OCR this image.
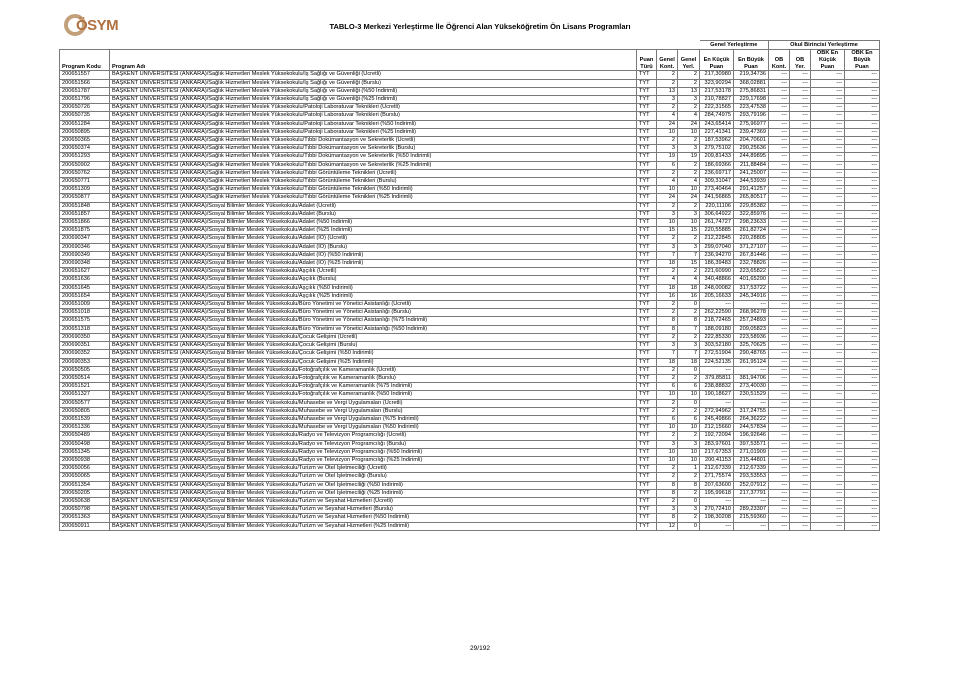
ÖSYM	TABLO-3 Merkezi Yerleştirme İle Öğrenci Alan Yükseköğretim Ön Lisans Programları
					Genel Yerleştirme		Okul Birincisi Yerleştirme			
Program Kodu	Program Adı	Puan Türü	Genel Kont.	Genel Yerl.	En Küçük Puan	En Büyük Puan	OB Kont.	OB Yer.	OBK En Küçük Puan	OBK En Büyük Puan
200651557	BAŞKENT ÜNİVERSİTESİ (ANKARA)/Sağlık Hizmetleri Meslek Yüksekokulu/İş Sağlığı ve Güvenliği (Ücretli)	TYT	2	2	217,30980	219,34736	---	---	---	---
200651566	BAŞKENT ÜNİVERSİTESİ (ANKARA)/Sağlık Hizmetleri Meslek Yüksekokulu/İş Sağlığı ve Güvenliği (Burslu)	TYT	2	2	323,90294	368,02881	---	---	---	---
200651787	BAŞKENT ÜNİVERSİTESİ (ANKARA)/Sağlık Hizmetleri Meslek Yüksekokulu/İş Sağlığı ve Güvenliği (%50 İndirimli)	TYT	13	13	217,53178	275,86831	---	---	---	---
200651796	BAŞKENT ÜNİVERSİTESİ (ANKARA)/Sağlık Hizmetleri Meslek Yüksekokulu/İş Sağlığı ve Güvenliği (%25 İndirimli)	TYT	3	3	210,78827	229,17698	---	---	---	---
200650726	BAŞKENT ÜNİVERSİTESİ (ANKARA)/Sağlık Hizmetleri Meslek Yüksekokulu/Patoloji Laboratuvar Teknikleri (Ücretli)	TYT	2	2	222,31565	223,47538	---	---	---	---
200650735	BAŞKENT ÜNİVERSİTESİ (ANKARA)/Sağlık Hizmetleri Meslek Yüksekokulu/Patoloji Laboratuvar Teknikleri (Burslu)	TYT	4	4	284,74975	293,79196	---	---	---	---
200651284	BAŞKENT ÜNİVERSİTESİ (ANKARA)/Sağlık Hizmetleri Meslek Yüksekokulu/Patoloji Laboratuvar Teknikleri (%50 İndirimli)	TYT	24	24	243,65414	275,96977	---	---	---	---
200650895	BAŞKENT ÜNİVERSİTESİ (ANKARA)/Sağlık Hizmetleri Meslek Yüksekokulu/Patoloji Laboratuvar Teknikleri (%25 İndirimli)	TYT	10	10	227,41341	239,47369	---	---	---	---
200650365	BAŞKENT ÜNİVERSİTESİ (ANKARA)/Sağlık Hizmetleri Meslek Yüksekokulu/Tıbbi Dokümantasyon ve Sekreterlik (Ücretli)	TYT	2	2	187,53962	204,70601	---	---	---	---
200650374	BAŞKENT ÜNİVERSİTESİ (ANKARA)/Sağlık Hizmetleri Meslek Yüksekokulu/Tıbbi Dokümantasyon ve Sekreterlik (Burslu)	TYT	3	3	279,75102	290,25636	---	---	---	---
200651293	BAŞKENT ÜNİVERSİTESİ (ANKARA)/Sağlık Hizmetleri Meslek Yüksekokulu/Tıbbi Dokümantasyon ve Sekreterlik (%50 İndirimli)	TYT	19	19	209,81433	244,89895	---	---	---	---
200650902	BAŞKENT ÜNİVERSİTESİ (ANKARA)/Sağlık Hizmetleri Meslek Yüksekokulu/Tıbbi Dokümantasyon ve Sekreterlik (%25 İndirimli)	TYT	6	2	186,69366	211,88484	---	---	---	---
200650762	BAŞKENT ÜNİVERSİTESİ (ANKARA)/Sağlık Hizmetleri Meslek Yüksekokulu/Tıbbi Görüntüleme Teknikleri (Ücretli)	TYT	2	2	236,69717	241,25007	---	---	---	---
200650771	BAŞKENT ÜNİVERSİTESİ (ANKARA)/Sağlık Hizmetleri Meslek Yüksekokulu/Tıbbi Görüntüleme Teknikleri (Burslu)	TYT	4	4	309,31047	344,53939	---	---	---	---
200651309	BAŞKENT ÜNİVERSİTESİ (ANKARA)/Sağlık Hizmetleri Meslek Yüksekokulu/Tıbbi Görüntüleme Teknikleri (%50 İndirimli)	TYT	10	10	273,40464	291,41257	---	---	---	---
200650877	BAŞKENT ÜNİVERSİTESİ (ANKARA)/Sağlık Hizmetleri Meslek Yüksekokulu/Tıbbi Görüntüleme Teknikleri (%25 İndirimli)	TYT	24	24	241,56865	265,80517	---	---	---	---
200651848	BAŞKENT ÜNİVERSİTESİ (ANKARA)/Sosyal Bilimler Meslek Yüksekokulu/Adalet (Ücretli)	TYT	2	2	220,11106	229,85382	---	---	---	---
200651857	BAŞKENT ÜNİVERSİTESİ (ANKARA)/Sosyal Bilimler Meslek Yüksekokulu/Adalet (Burslu)	TYT	3	3	306,64922	322,85976	---	---	---	---
200651866	BAŞKENT ÜNİVERSİTESİ (ANKARA)/Sosyal Bilimler Meslek Yüksekokulu/Adalet (%50 İndirimli)	TYT	10	10	261,74727	298,23633	---	---	---	---
200651875	BAŞKENT ÜNİVERSİTESİ (ANKARA)/Sosyal Bilimler Meslek Yüksekokulu/Adalet (%25 İndirimli)	TYT	15	15	220,55885	261,82724	---	---	---	---
200690347	BAŞKENT ÜNİVERSİTESİ (ANKARA)/Sosyal Bilimler Meslek Yüksekokulu/Adalet (İÖ) (Ücretli)	TYT	2	2	212,22845	220,28805	---	---	---	---
200690346	BAŞKENT ÜNİVERSİTESİ (ANKARA)/Sosyal Bilimler Meslek Yüksekokulu/Adalet (İÖ) (Burslu)	TYT	3	3	299,07040	371,27107	---	---	---	---
200690349	BAŞKENT ÜNİVERSİTESİ (ANKARA)/Sosyal Bilimler Meslek Yüksekokulu/Adalet (İÖ) (%50 İndirimli)	TYT	7	7	236,94270	267,81446	---	---	---	---
200690348	BAŞKENT ÜNİVERSİTESİ (ANKARA)/Sosyal Bilimler Meslek Yüksekokulu/Adalet (İÖ) (%25 İndirimli)	TYT	18	15	186,39483	232,78826	---	---	---	---
200651627	BAŞKENT ÜNİVERSİTESİ (ANKARA)/Sosyal Bilimler Meslek Yüksekokulu/Aşçılık (Ücretli)	TYT	2	2	221,60990	223,65822	---	---	---	---
200651636	BAŞKENT ÜNİVERSİTESİ (ANKARA)/Sosyal Bilimler Meslek Yüksekokulu/Aşçılık (Burslu)	TYT	4	4	340,48866	401,65290	---	---	---	---
200651645	BAŞKENT ÜNİVERSİTESİ (ANKARA)/Sosyal Bilimler Meslek Yüksekokulu/Aşçılık (%50 İndirimli)	TYT	18	18	248,00082	317,53722	---	---	---	---
200651654	BAŞKENT ÜNİVERSİTESİ (ANKARA)/Sosyal Bilimler Meslek Yüksekokulu/Aşçılık (%25 İndirimli)	TYT	16	16	205,16633	245,34916	---	---	---	---
200651009	BAŞKENT ÜNİVERSİTESİ (ANKARA)/Sosyal Bilimler Meslek Yüksekokulu/Büro Yönetimi ve Yönetici Asistanlığı (Ücretli)	TYT	2	0	---	---	---	---	---	---
200651018	BAŞKENT ÜNİVERSİTESİ (ANKARA)/Sosyal Bilimler Meslek Yüksekokulu/Büro Yönetimi ve Yönetici Asistanlığı (Burslu)	TYT	2	2	262,22590	268,96278	---	---	---	---
200651575	BAŞKENT ÜNİVERSİTESİ (ANKARA)/Sosyal Bilimler Meslek Yüksekokulu/Büro Yönetimi ve Yönetici Asistanlığı (%75 İndirimli)	TYT	8	8	218,72465	257,24893	---	---	---	---
200651318	BAŞKENT ÜNİVERSİTESİ (ANKARA)/Sosyal Bilimler Meslek Yüksekokulu/Büro Yönetimi ve Yönetici Asistanlığı (%50 İndirimli)	TYT	8	7	188,09180	209,05823	---	---	---	---
200690350	BAŞKENT ÜNİVERSİTESİ (ANKARA)/Sosyal Bilimler Meslek Yüksekokulu/Çocuk Gelişimi (Ücretli)	TYT	2	2	222,85330	223,58936	---	---	---	---
200690351	BAŞKENT ÜNİVERSİTESİ (ANKARA)/Sosyal Bilimler Meslek Yüksekokulu/Çocuk Gelişimi (Burslu)	TYT	3	3	303,52180	325,70625	---	---	---	---
200690352	BAŞKENT ÜNİVERSİTESİ (ANKARA)/Sosyal Bilimler Meslek Yüksekokulu/Çocuk Gelişimi (%50 İndirimli)	TYT	7	7	272,51904	290,48765	---	---	---	---
200690353	BAŞKENT ÜNİVERSİTESİ (ANKARA)/Sosyal Bilimler Meslek Yüksekokulu/Çocuk Gelişimi (%25 İndirimli)	TYT	18	18	224,52135	261,95124	---	---	---	---
200650505	BAŞKENT ÜNİVERSİTESİ (ANKARA)/Sosyal Bilimler Meslek Yüksekokulu/Fotoğrafçılık ve Kameramanlık (Ücretli)	TYT	2	0	---	---	---	---	---	---
200650514	BAŞKENT ÜNİVERSİTESİ (ANKARA)/Sosyal Bilimler Meslek Yüksekokulu/Fotoğrafçılık ve Kameramanlık (Burslu)	TYT	2	2	379,85811	381,94706	---	---	---	---
200651521	BAŞKENT ÜNİVERSİTESİ (ANKARA)/Sosyal Bilimler Meslek Yüksekokulu/Fotoğrafçılık ve Kameramanlık (%75 İndirimli)	TYT	6	6	238,88832	273,40030	---	---	---	---
200651327	BAŞKENT ÜNİVERSİTESİ (ANKARA)/Sosyal Bilimler Meslek Yüksekokulu/Fotoğrafçılık ve Kameramanlık (%50 İndirimli)	TYT	10	10	190,18627	230,51529	---	---	---	---
200650577	BAŞKENT ÜNİVERSİTESİ (ANKARA)/Sosyal Bilimler Meslek Yüksekokulu/Muhasebe ve Vergi Uygulamaları (Ücretli)	TYT	2	0	---	---	---	---	---	---
200650805	BAŞKENT ÜNİVERSİTESİ (ANKARA)/Sosyal Bilimler Meslek Yüksekokulu/Muhasebe ve Vergi Uygulamaları (Burslu)	TYT	2	2	272,94962	317,24755	---	---	---	---
200651539	BAŞKENT ÜNİVERSİTESİ (ANKARA)/Sosyal Bilimler Meslek Yüksekokulu/Muhasebe ve Vergi Uygulamaları (%75 İndirimli)	TYT	6	6	245,49866	264,36222	---	---	---	---
200651336	BAŞKENT ÜNİVERSİTESİ (ANKARA)/Sosyal Bilimler Meslek Yüksekokulu/Muhasebe ve Vergi Uygulamaları (%50 İndirimli)	TYT	10	10	212,15660	244,57834	---	---	---	---
200650489	BAŞKENT ÜNİVERSİTESİ (ANKARA)/Sosyal Bilimler Meslek Yüksekokulu/Radyo ve Televizyon Programcılığı (Ücretli)	TYT	2	2	192,72094	196,92646	---	---	---	---
200650498	BAŞKENT ÜNİVERSİTESİ (ANKARA)/Sosyal Bilimler Meslek Yüksekokulu/Radyo ve Televizyon Programcılığı (Burslu)	TYT	3	3	283,97601	397,53571	---	---	---	---
200651345	BAŞKENT ÜNİVERSİTESİ (ANKARA)/Sosyal Bilimler Meslek Yüksekokulu/Radyo ve Televizyon Programcılığı (%50 İndirimli)	TYT	10	10	217,67353	271,01909	---	---	---	---
200650938	BAŞKENT ÜNİVERSİTESİ (ANKARA)/Sosyal Bilimler Meslek Yüksekokulu/Radyo ve Televizyon Programcılığı (%25 İndirimli)	TYT	10	10	200,41153	215,44801	---	---	---	---
200650056	BAŞKENT ÜNİVERSİTESİ (ANKARA)/Sosyal Bilimler Meslek Yüksekokulu/Turizm ve Otel İşletmeciliği (Ücretli)	TYT	2	1	212,67339	212,67339	---	---	---	---
200650065	BAŞKENT ÜNİVERSİTESİ (ANKARA)/Sosyal Bilimler Meslek Yüksekokulu/Turizm ve Otel İşletmeciliği (Burslu)	TYT	2	2	271,75574	293,53553	---	---	---	---
200651354	BAŞKENT ÜNİVERSİTESİ (ANKARA)/Sosyal Bilimler Meslek Yüksekokulu/Turizm ve Otel İşletmeciliği (%50 İndirimli)	TYT	8	8	207,63600	252,07912	---	---	---	---
200650205	BAŞKENT ÜNİVERSİTESİ (ANKARA)/Sosyal Bilimler Meslek Yüksekokulu/Turizm ve Otel İşletmeciliği (%25 İndirimli)	TYT	8	2	195,99618	217,37791	---	---	---	---
200650638	BAŞKENT ÜNİVERSİTESİ (ANKARA)/Sosyal Bilimler Meslek Yüksekokulu/Turizm ve Seyahat Hizmetleri (Ücretli)	TYT	2	0	---	---	---	---	---	---
200650798	BAŞKENT ÜNİVERSİTESİ (ANKARA)/Sosyal Bilimler Meslek Yüksekokulu/Turizm ve Seyahat Hizmetleri (Burslu)	TYT	3	3	270,72410	289,23307	---	---	---	---
200651363	BAŞKENT ÜNİVERSİTESİ (ANKARA)/Sosyal Bilimler Meslek Yüksekokulu/Turizm ve Seyahat Hizmetleri (%50 İndirimli)	TYT	8	2	198,30208	215,59360	---	---	---	---
200650911	BAŞKENT ÜNİVERSİTESİ (ANKARA)/Sosyal Bilimler Meslek Yüksekokulu/Turizm ve Seyahat Hizmetleri (%25 İndirimli)	TYT	12	0	---	---	---	---	---	---
29/192
